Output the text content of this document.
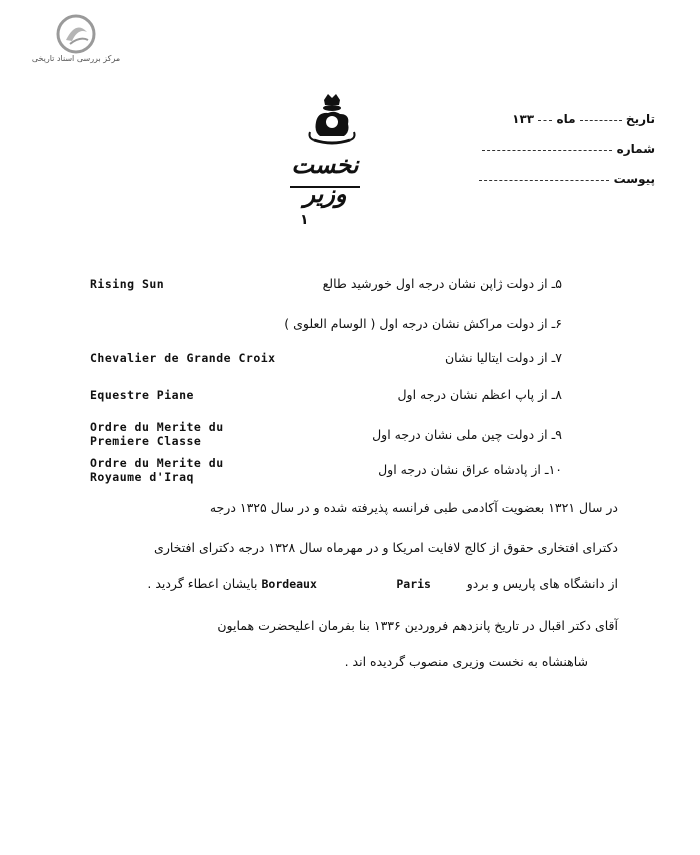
مرکز بررسی اسناد تاریخی
نخست وزیر
تاریخ  ماه  ۱۳۳
شماره
پیوست
۱
۵ـ از دولت ژاپن نشان درجه اول خورشید طالع
Rising Sun
۶ـ از دولت مراکش نشان درجه اول ( الوسام العلوی )
۷ـ از دولت ایتالیا نشان
Chevalier de Grande Croix
۸ـ از پاپ اعظم نشان درجه اول
Equestre Piane
۹ـ از دولت چین ملی نشان درجه اول
Ordre du Merite du
Premiere Classe
۱۰ـ از پادشاه عراق نشان درجه اول
Ordre du Merite du
Royaume d'Iraq
در سال ۱۳۲۱ بعضویت آکادمی طبی فرانسه پذیرفته شده و در سال ۱۳۲۵ درجه
دکترای افتخاری حقوق از کالج لافایت امریکا و در مهرماه سال ۱۳۲۸ درجه دکترای افتخاری
از دانشگاه های پاریس و بردو         Paris                    Bordeaux بایشان اعطاء گردید .
آقای دکتر اقبال در تاریخ پانزدهم فروردین ۱۳۳۶ بنا بفرمان اعلیحضرت همایون
شاهنشاه به نخست وزیری منصوب گردیده اند .
